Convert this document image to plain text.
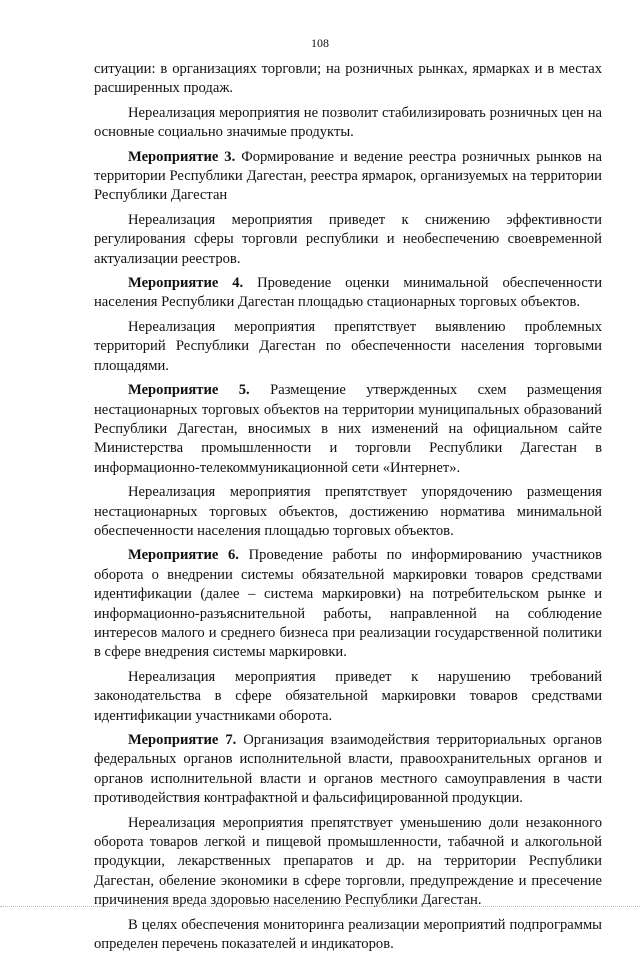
108

ситуации: в организациях торговли; на розничных рынках, ярмарках и в местах расширенных продаж.

Нереализация мероприятия не позволит стабилизировать розничных цен на основные социально значимые продукты.

Мероприятие 3. Формирование и ведение реестра розничных рынков на территории Республики Дагестан, реестра ярмарок, организуемых на территории Республики Дагестан

Нереализация мероприятия приведет к снижению эффективности регулирования сферы торговли республики и необеспечению своевременной актуализации реестров.

Мероприятие 4. Проведение оценки минимальной обеспеченности населения Республики Дагестан площадью стационарных торговых объектов.

Нереализация мероприятия препятствует выявлению проблемных территорий Республики Дагестан по обеспеченности населения торговыми площадями.

Мероприятие 5. Размещение утвержденных схем размещения нестационарных торговых объектов на территории муниципальных образований Республики Дагестан, вносимых в них изменений на официальном сайте Министерства промышленности и торговли Республики Дагестан в информационно-телекоммуникационной сети «Интернет».

Нереализация мероприятия препятствует упорядочению размещения нестационарных торговых объектов, достижению норматива минимальной обеспеченности населения площадью торговых объектов.

Мероприятие 6. Проведение работы по информированию участников оборота о внедрении системы обязательной маркировки товаров средствами идентификации (далее – система маркировки) на потребительском рынке и информационно-разъяснительной работы, направленной на соблюдение интересов малого и среднего бизнеса при реализации государственной политики в сфере внедрения системы маркировки.

Нереализация мероприятия приведет к нарушению требований законодательства в сфере обязательной маркировки товаров средствами идентификации участниками оборота.

Мероприятие 7. Организация взаимодействия территориальных органов федеральных органов исполнительной власти, правоохранительных органов и органов исполнительной власти и органов местного самоуправления в части противодействия контрафактной и фальсифицированной продукции.

Нереализация мероприятия препятствует уменьшению доли незаконного оборота товаров легкой и пищевой промышленности, табачной и алкогольной продукции, лекарственных препаратов и др. на территории Республики Дагестан, обеление экономики в сфере торговли, предупреждение и пресечение причинения вреда здоровью населению Республики Дагестан.

В целях обеспечения мониторинга реализации мероприятий подпрограммы определен перечень показателей и индикаторов.
